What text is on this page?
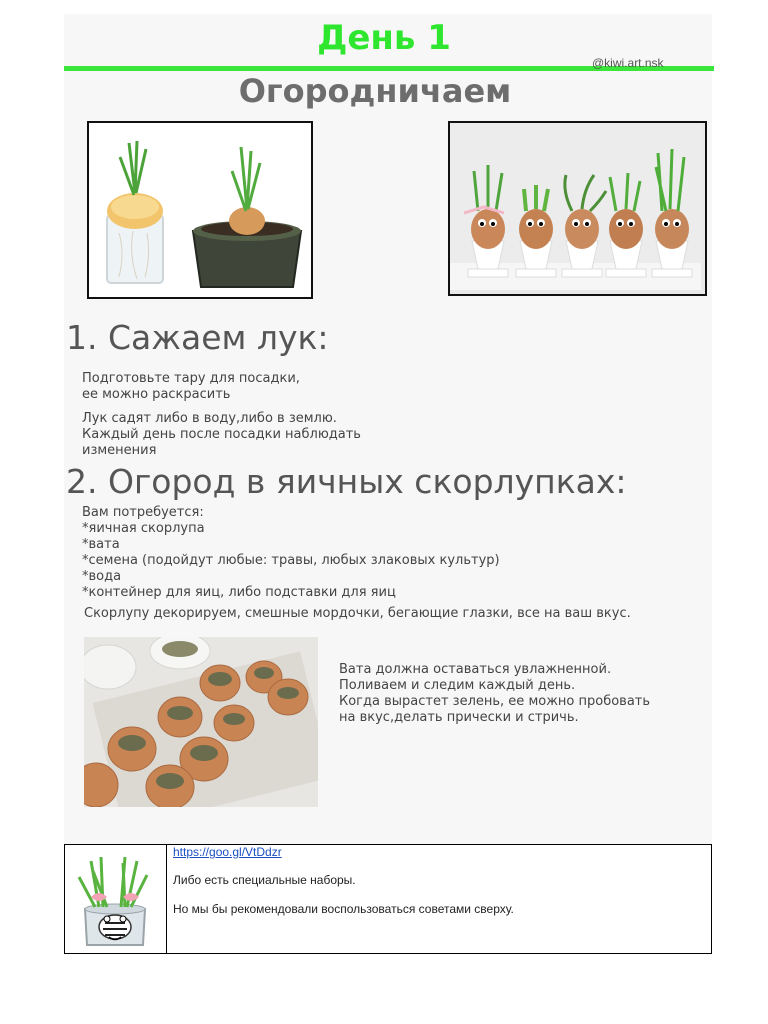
День 1
@kiwi.art.nsk
Огородничаем
1. Сажаем лук:
Подготовьте тару для посадки,
ее можно раскрасить
Лук садят либо в воду,либо в землю.
Каждый день после посадки наблюдать
изменения
2. Огород в яичных скорлупках:
Вам потребуется:
*яичная скорлупа
*вата
*семена (подойдут любые: травы, любых злаковых культур)
*вода
*контейнер для яиц, либо подставки для яиц
Скорлупу декорируем, смешные мордочки, бегающие глазки, все на ваш вкус.
Вата должна оставаться увлажненной.
Поливаем и следим каждый день.
Когда вырастет зелень, ее можно пробовать
на вкус,делать прически и стричь.
https://goo.gl/VtDdzr
Либо есть специальные наборы.
Но мы бы рекомендовали воспользоваться советами сверху.
